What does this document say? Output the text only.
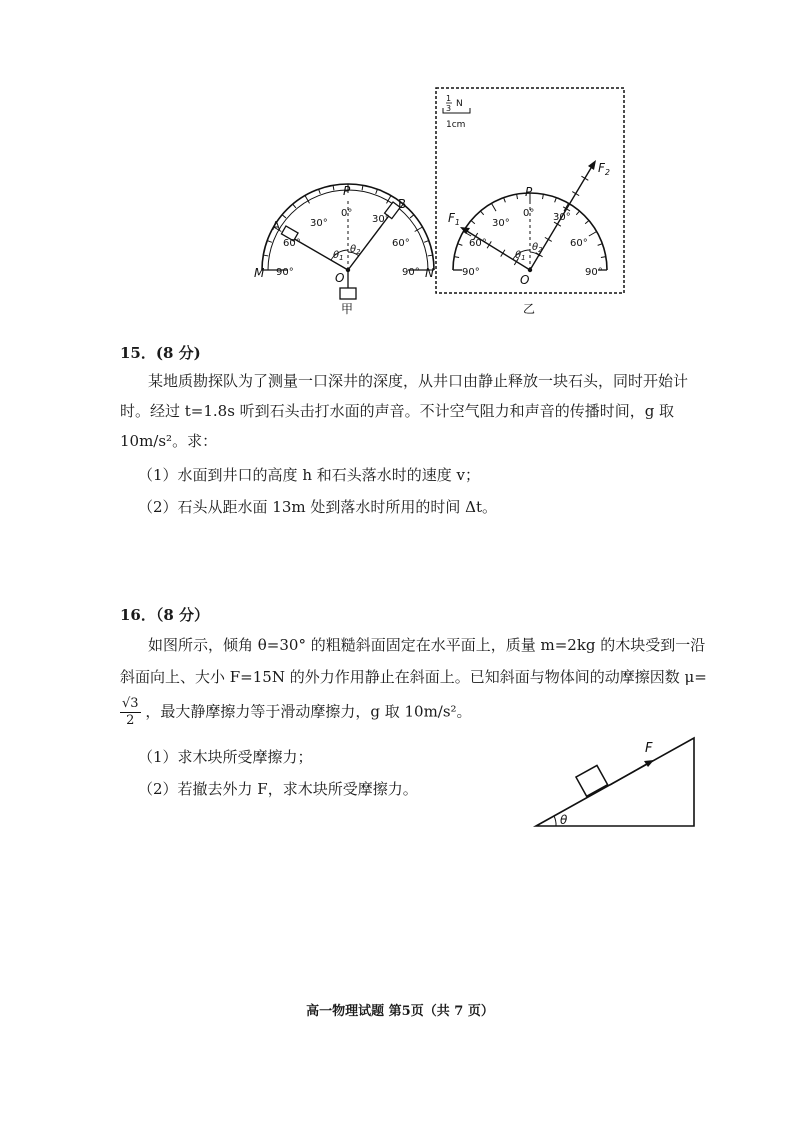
P
A
B
M	N
O
0°
30°
60°
90°
30°
60°
90°
$\theta_1$
$\theta_2$
甲
1
3 N
1cm
$F_2$
$F_1$
P
O
0°
30°
60°
90°
30°
60°
90°
$\theta_1$
$\theta_2$
乙
15．(8 分)
某地质勘探队为了测量一口深井的深度，从井口由静止释放一块石头，同时开始计
时。经过 t=1.8s 听到石头击打水面的声音。不计空气阻力和声音的传播时间，g 取
10m/s²。求：
（1）水面到井口的高度 h 和石头落水时的速度 v；
（2）石头从距水面 13m 处到落水时所用的时间 Δt。
16．（8 分）
如图所示，倾角 θ=30° 的粗糙斜面固定在水平面上，质量 m=2kg 的木块受到一沿
斜面向上、大小 F=15N 的外力作用静止在斜面上。已知斜面与物体间的动摩擦因数 μ=
$\frac{√3}{2}$ ，最大静摩擦力等于滑动摩擦力，g 取 10m/s²。
（1）求木块所受摩擦力；
（2）若撤去外力 F，求木块所受摩擦力。
F
θ
高一物理试题 第5页（共 7 页）
